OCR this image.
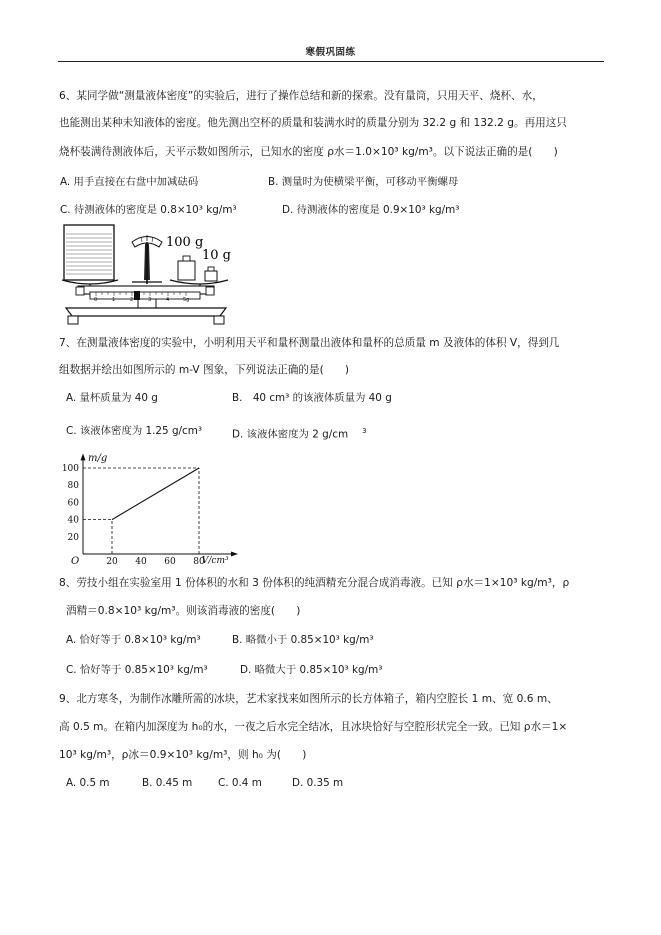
寒假巩固练
6、某同学做“测量液体密度”的实验后，进行了操作总结和新的探索。没有量筒，只用天平、烧杯、水，
也能测出某种未知液体的密度。他先测出空杯的质量和装满水时的质量分别为 32.2 g 和 132.2 g。再用这只
烧杯装满待测液体后，天平示数如图所示，已知水的密度 ρ水＝1.0×10³ kg/m³。以下说法正确的是(　　)
A. 用手直接在右盘中加减砝码	B. 测量时为使横梁平衡，可移动平衡螺母
C. 待测液体的密度是 0.8×10³ kg/m³	D. 待测液体的密度是 0.9×10³ kg/m³
100 g
10 g
0	1	2	3	4	5g
7、在测量液体密度的实验中，小明利用天平和量杯测量出液体和量杯的总质量 m 及液体的体积 V，得到几
组数据并绘出如图所示的 m-V 图象，下列说法正确的是(　　)
A. 量杯质量为 40 g	B.　40 cm³ 的该液体质量为 40 g
C. 该液体密度为 1.25 g/cm³	D. 该液体密度为 2 g/cm $^3$
m/g
V/cm³
O	20 40 60 80
20
40
60
80
100
8、劳技小组在实验室用 1 份体积的水和 3 份体积的纯酒精充分混合成消毒液。已知 ρ水＝1×10³ kg/m³，ρ
酒精＝0.8×10³ kg/m³。则该消毒液的密度(　　)
A. 恰好等于 0.8×10³ kg/m³	B. 略微小于 0.85×10³ kg/m³
C. 恰好等于 0.85×10³ kg/m³	D. 略微大于 0.85×10³ kg/m³
9、北方寒冬，为制作冰雕所需的冰块，艺术家找来如图所示的长方体箱子，箱内空腔长 1 m、宽 0.6 m、
高 0.5 m。在箱内加深度为 h₀的水，一夜之后水完全结冰，且冰块恰好与空腔形状完全一致。已知 ρ水＝1×
10³ kg/m³，ρ冰＝0.9×10³ kg/m³，则 h₀ 为(　　)
A. 0.5 m	B. 0.45 m C. 0.4 m	D. 0.35 m
